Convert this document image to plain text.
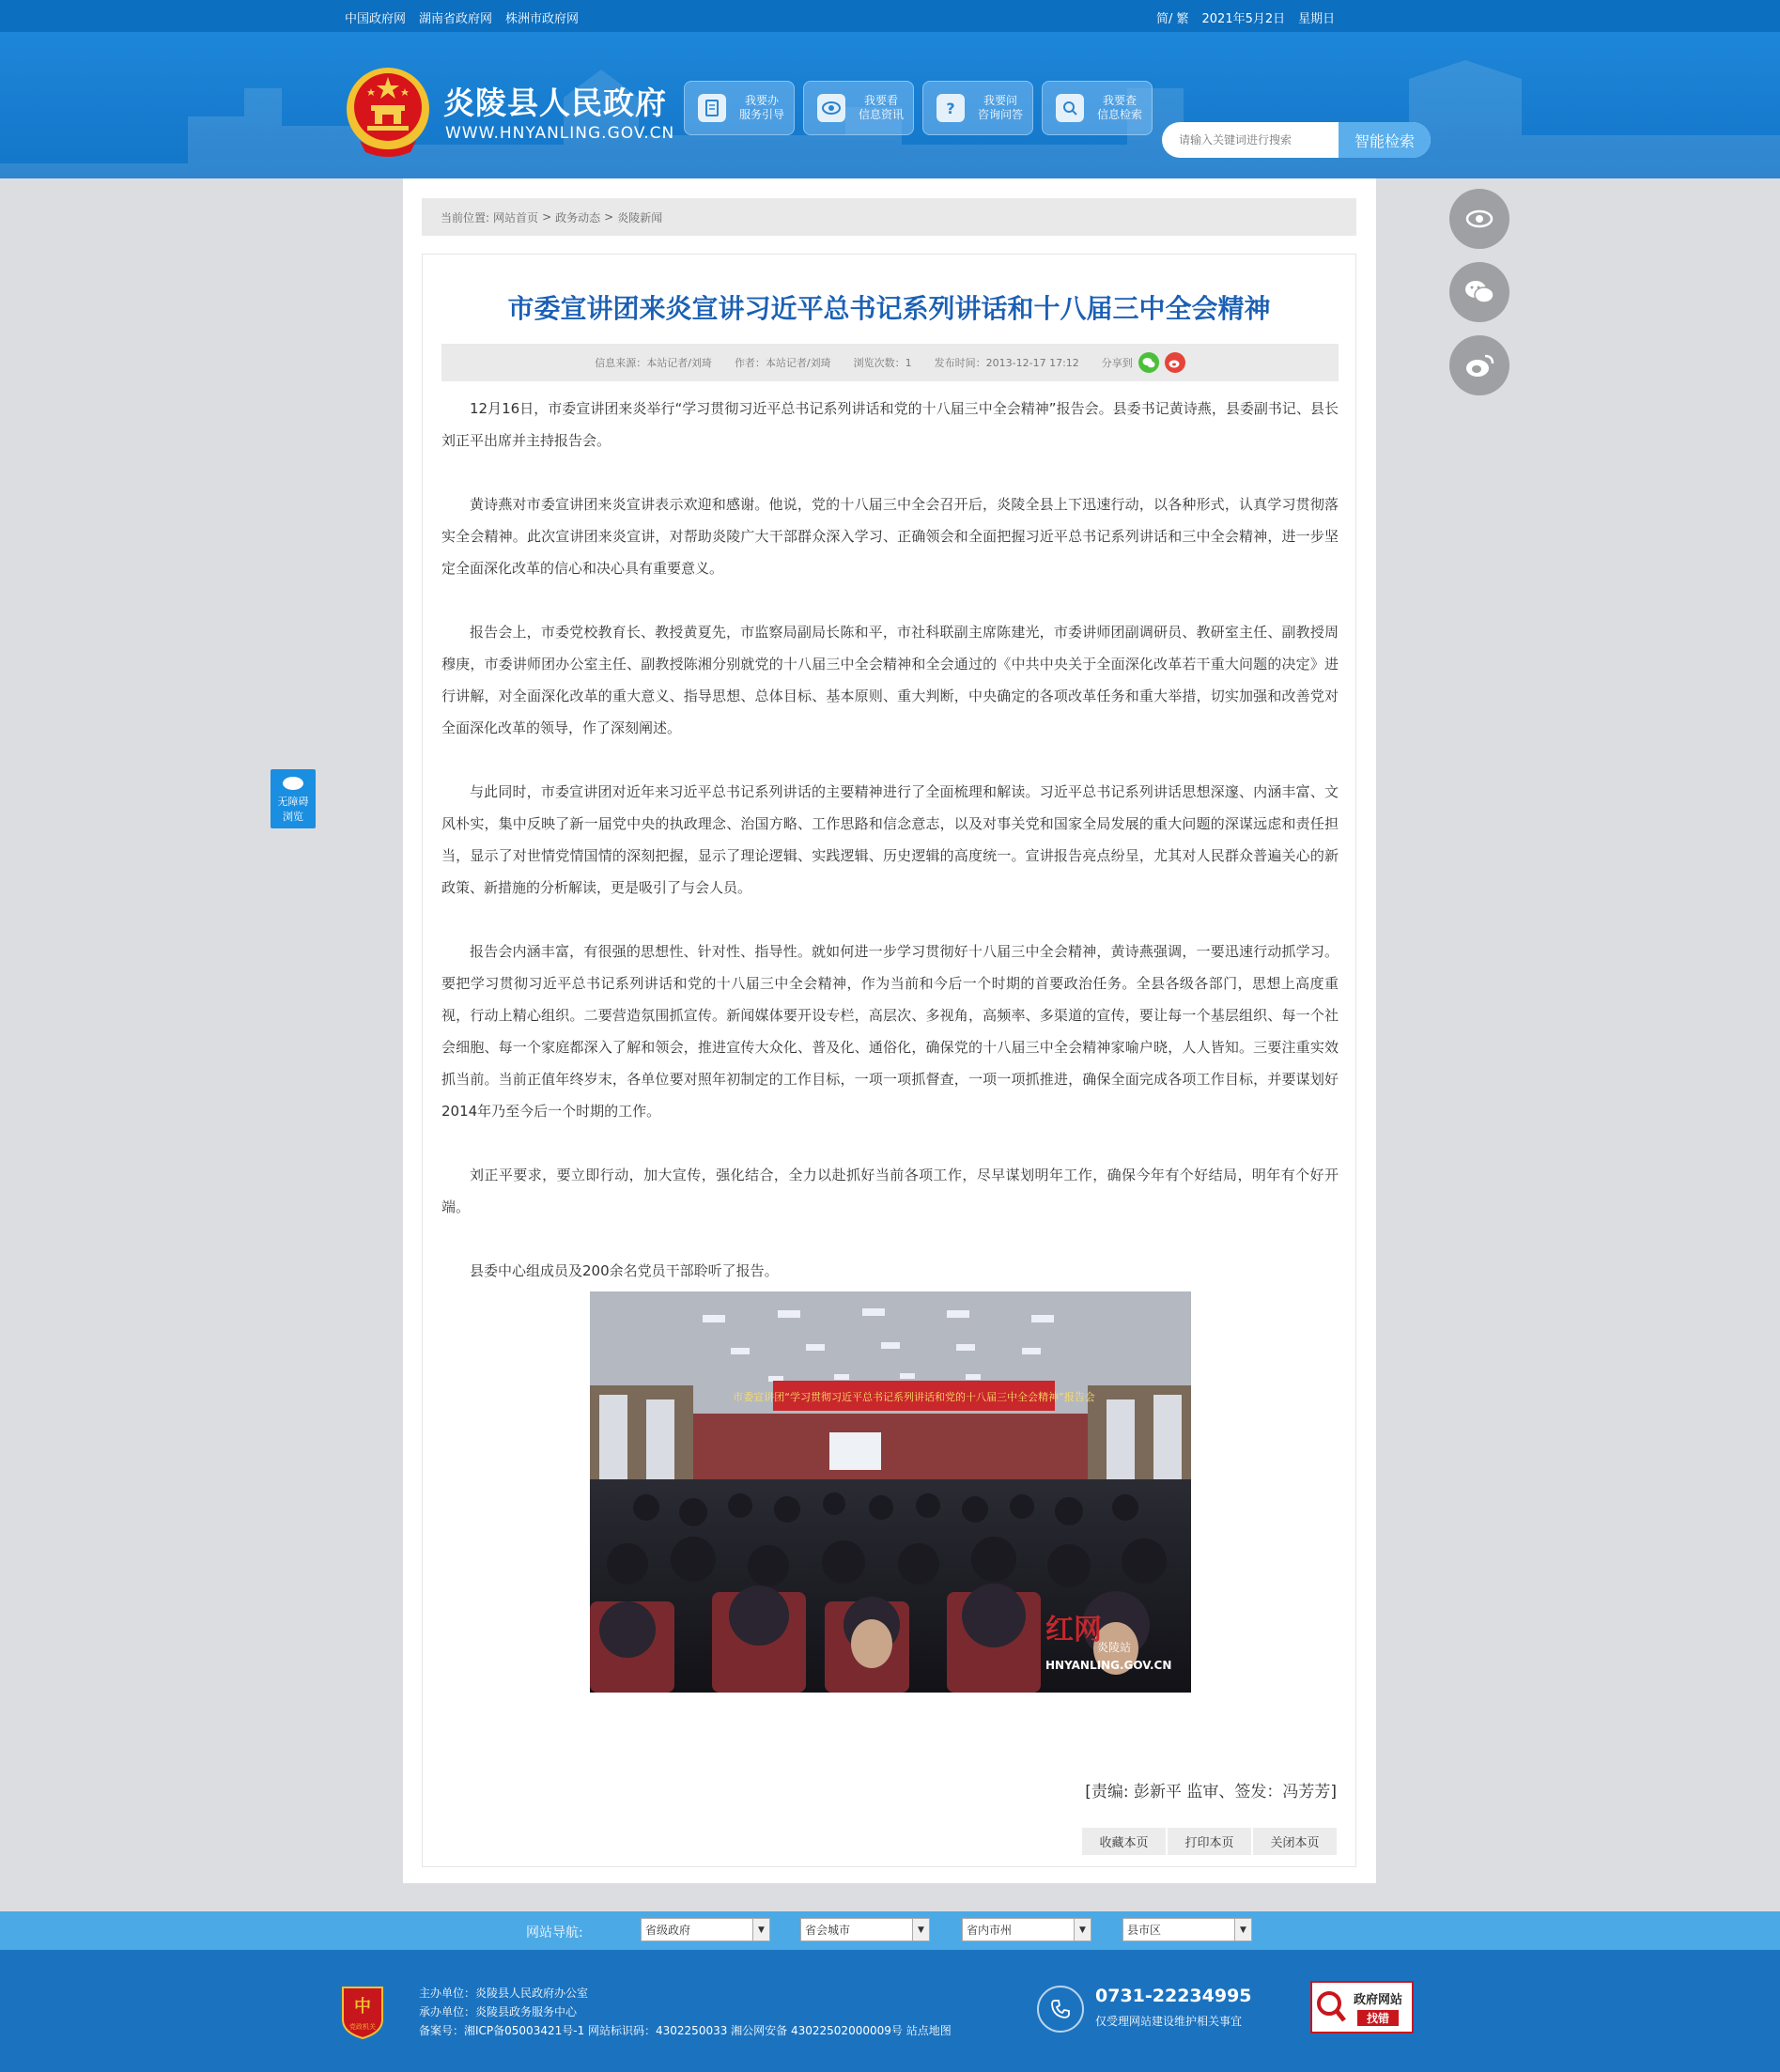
中国政府网 湖南省政府网 株洲市政府网	简/ 繁 2021年5月2日 星期日
炎陵县人民政府
WWW.HNYANLING.GOV.CN
我要办
服务引导
我要看
信息资讯	?	我要问
咨询问答
我要查
信息检索
请输入关键词进行搜索
智能检索
无障碍
浏览
当前位置: 网站首页 > 政务动态 > 炎陵新闻
市委宣讲团来炎宣讲习近平总书记系列讲话和十八届三中全会精神
信息来源：本站记者/刘琦 作者：本站记者/刘琦 浏览次数：1 发布时间：2013-12-17 17:12 分享到

12月16日，市委宣讲团来炎举行“学习贯彻习近平总书记系列讲话和党的十八届三中全会精神”报告会。县委书记黄诗燕，县委副书记、县长刘正平出席并主持报告会。

黄诗燕对市委宣讲团来炎宣讲表示欢迎和感谢。他说，党的十八届三中全会召开后，炎陵全县上下迅速行动，以各种形式，认真学习贯彻落实全会精神。此次宣讲团来炎宣讲，对帮助炎陵广大干部群众深入学习、正确领会和全面把握习近平总书记系列讲话和三中全会精神，进一步坚定全面深化改革的信心和决心具有重要意义。

报告会上，市委党校教育长、教授黄夏先，市监察局副局长陈和平，市社科联副主席陈建光，市委讲师团副调研员、教研室主任、副教授周穆庚，市委讲师团办公室主任、副教授陈湘分别就党的十八届三中全会精神和全会通过的《中共中央关于全面深化改革若干重大问题的决定》进行讲解，对全面深化改革的重大意义、指导思想、总体目标、基本原则、重大判断，中央确定的各项改革任务和重大举措，切实加强和改善党对全面深化改革的领导，作了深刻阐述。

与此同时，市委宣讲团对近年来习近平总书记系列讲话的主要精神进行了全面梳理和解读。习近平总书记系列讲话思想深邃、内涵丰富、文风朴实，集中反映了新一届党中央的执政理念、治国方略、工作思路和信念意志，以及对事关党和国家全局发展的重大问题的深谋远虑和责任担当，显示了对世情党情国情的深刻把握，显示了理论逻辑、实践逻辑、历史逻辑的高度统一。宣讲报告亮点纷呈，尤其对人民群众普遍关心的新政策、新措施的分析解读，更是吸引了与会人员。

报告会内涵丰富，有很强的思想性、针对性、指导性。就如何进一步学习贯彻好十八届三中全会精神，黄诗燕强调，一要迅速行动抓学习。要把学习贯彻习近平总书记系列讲话和党的十八届三中全会精神，作为当前和今后一个时期的首要政治任务。全县各级各部门，思想上高度重视，行动上精心组织。二要营造氛围抓宣传。新闻媒体要开设专栏，高层次、多视角，高频率、多渠道的宣传，要让每一个基层组织、每一个社会细胞、每一个家庭都深入了解和领会，推进宣传大众化、普及化、通俗化，确保党的十八届三中全会精神家喻户晓，人人皆知。三要注重实效抓当前。当前正值年终岁末，各单位要对照年初制定的工作目标，一项一项抓督查，一项一项抓推进，确保全面完成各项工作目标，并要谋划好2014年乃至今后一个时期的工作。

刘正平要求，要立即行动，加大宣传，强化结合，全力以赴抓好当前各项工作，尽早谋划明年工作，确保今年有个好结局，明年有个好开端。

县委中心组成员及200余名党员干部聆听了报告。

市委宣讲团“学习贯彻习近平总书记系列讲话和党的十八届三中全会精神”报告会
红网
炎陵站
HNYANLING.GOV.CN
[责编: 彭新平 监审、签发：冯芳芳]
收藏本页	打印本页	关闭本页
网站导航:	省级政府	▼	省会城市	▼	省内市州	▼	县市区	▼
中
党政机关
主办单位：炎陵县人民政府办公室
承办单位：炎陵县政务服务中心
备案号：湘ICP备05003421号-1 网站标识码：4302250033 湘公网安备 43022502000009号 站点地图
0731-22234995
仅受理网站建设维护相关事宜
政府网站
找错
